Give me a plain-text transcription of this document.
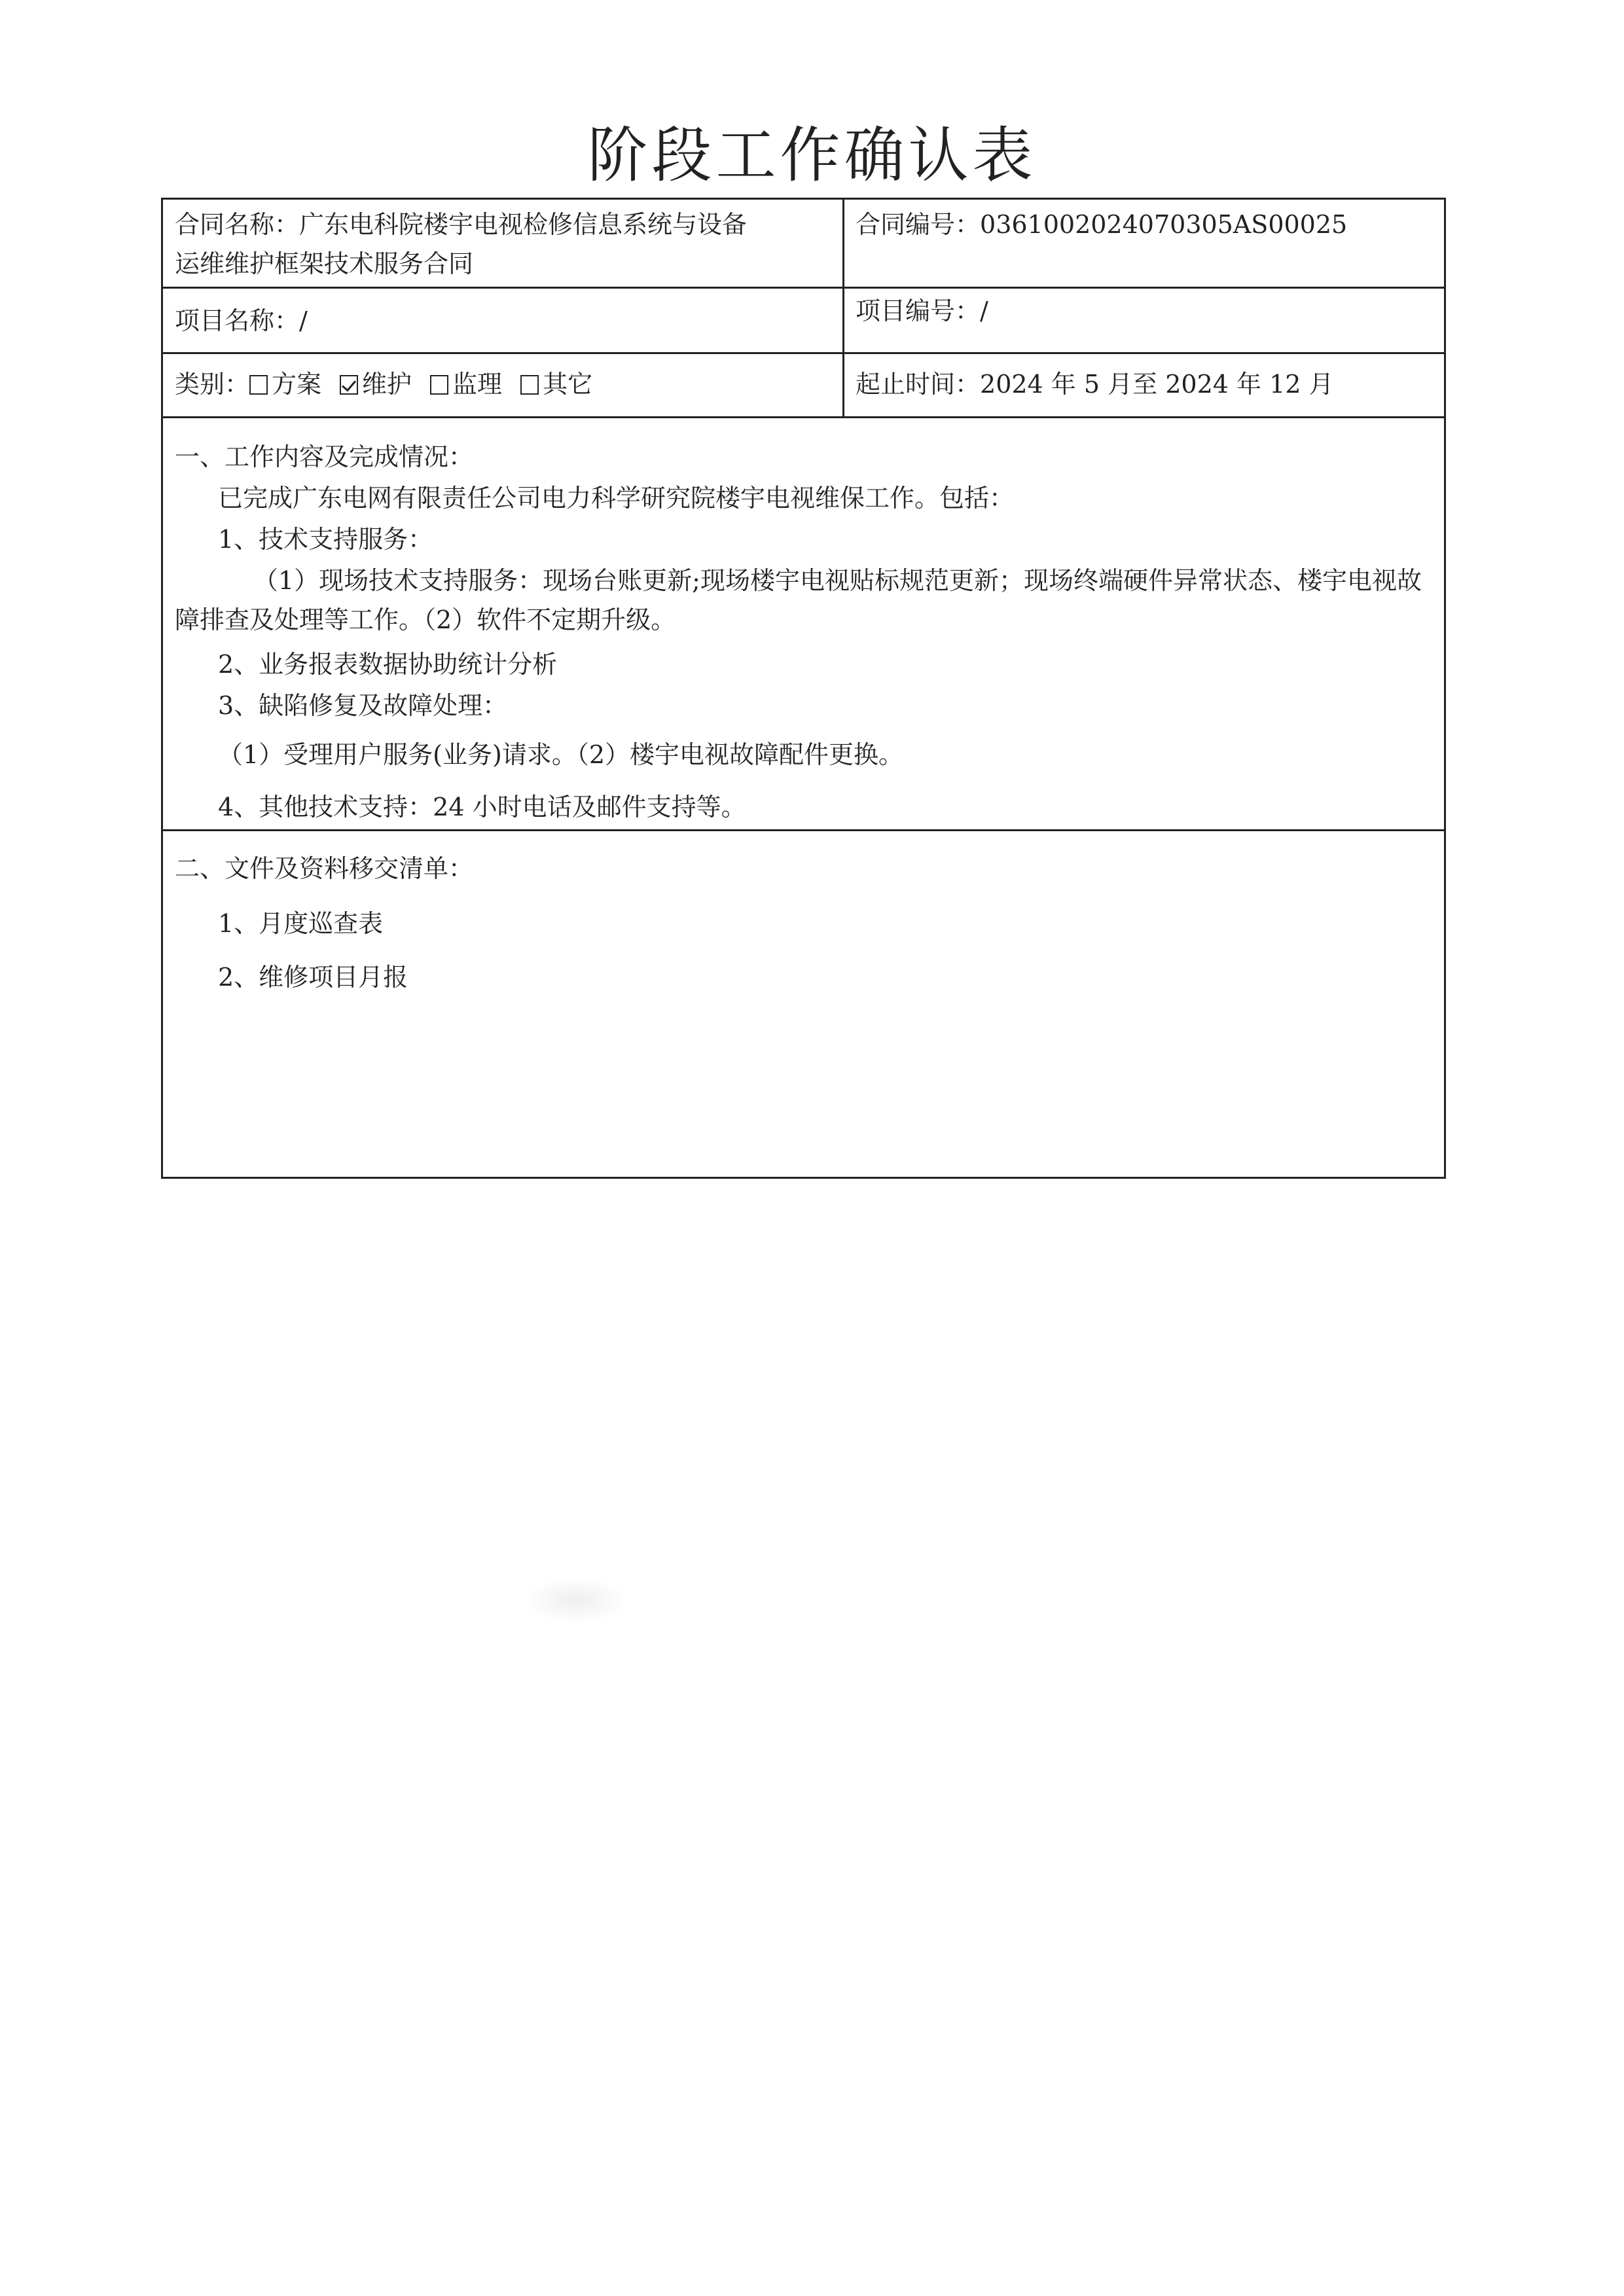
阶段工作确认表
合同名称：广东电科院楼宇电视检修信息系统与设备
运维维护框架技术服务合同
合同编号：0361002024070305AS00025
项目名称：/	项目编号：/
类别： 方案 维护 监理 其它	起止时间：2024 年 5 月至 2024 年 12 月
一、工作内容及完成情况：
已完成广东电网有限责任公司电力科学研究院楼宇电视维保工作。包括：
1、技术支持服务：
（1）现场技术支持服务：现场台账更新;现场楼宇电视贴标规范更新；现场终端硬件异常状态、楼宇电视故障排查及处理等工作。（2）软件不定期升级。
2、业务报表数据协助统计分析
3、缺陷修复及故障处理：
（1）受理用户服务(业务)请求。（2）楼宇电视故障配件更换。
4、其他技术支持：24 小时电话及邮件支持等。
二、文件及资料移交清单：
1、月度巡查表
2、维修项目月报
